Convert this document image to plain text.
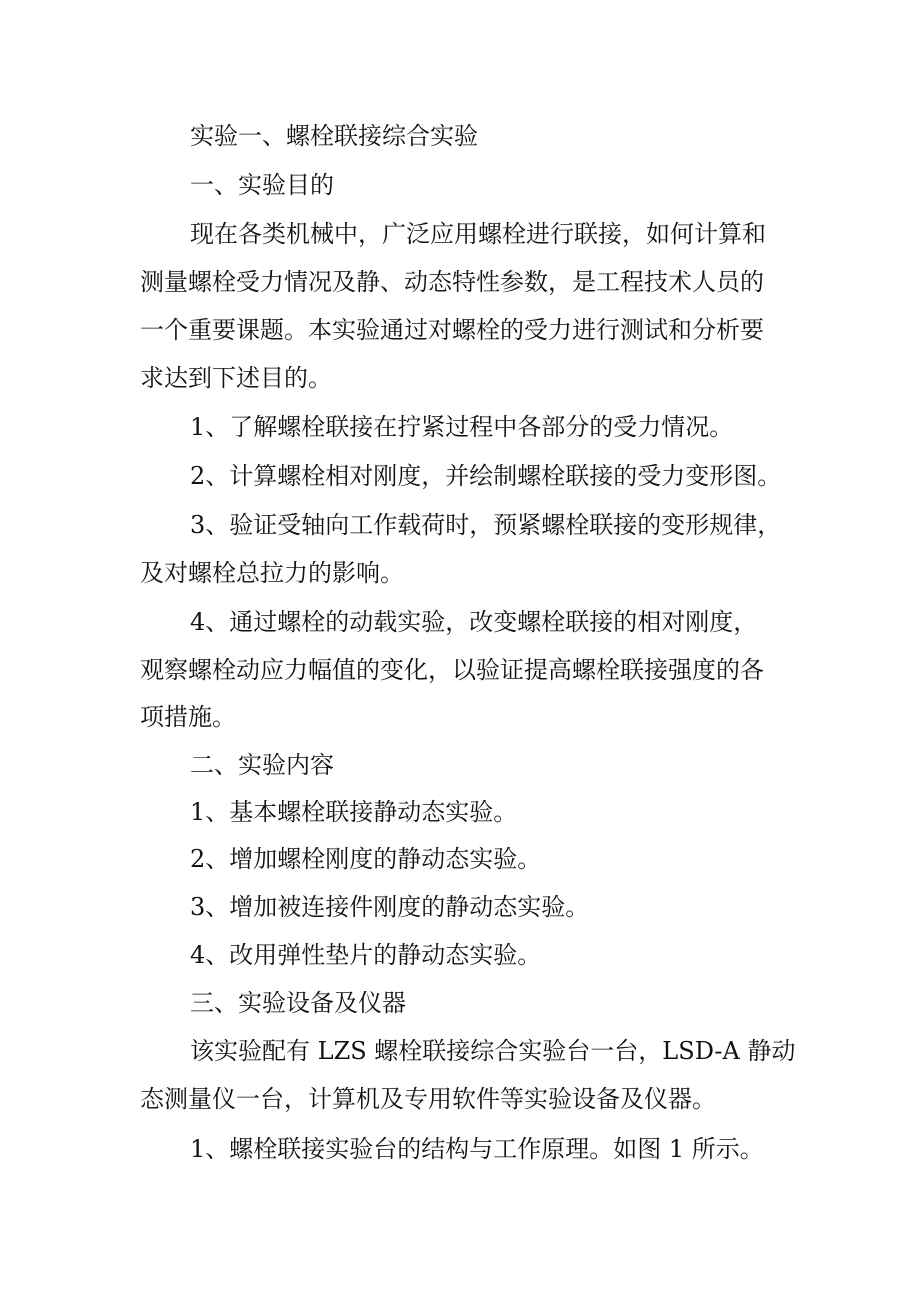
实验一、螺栓联接综合实验
一、实验目的
现在各类机械中，广泛应用螺栓进行联接，如何计算和
测量螺栓受力情况及静、动态特性参数，是工程技术人员的
一个重要课题。本实验通过对螺栓的受力进行测试和分析要
求达到下述目的。
1、了解螺栓联接在拧紧过程中各部分的受力情况。
2、计算螺栓相对刚度，并绘制螺栓联接的受力变形图。
3、验证受轴向工作载荷时，预紧螺栓联接的变形规律，
及对螺栓总拉力的影响。
4、通过螺栓的动载实验，改变螺栓联接的相对刚度，
观察螺栓动应力幅值的变化，以验证提高螺栓联接强度的各
项措施。
二、实验内容
1、基本螺栓联接静动态实验。
2、增加螺栓刚度的静动态实验。
3、增加被连接件刚度的静动态实验。
4、改用弹性垫片的静动态实验。
三、实验设备及仪器
该实验配有 LZS 螺栓联接综合实验台一台，LSD-A 静动
态测量仪一台，计算机及专用软件等实验设备及仪器。
1、螺栓联接实验台的结构与工作原理。如图 1 所示。
